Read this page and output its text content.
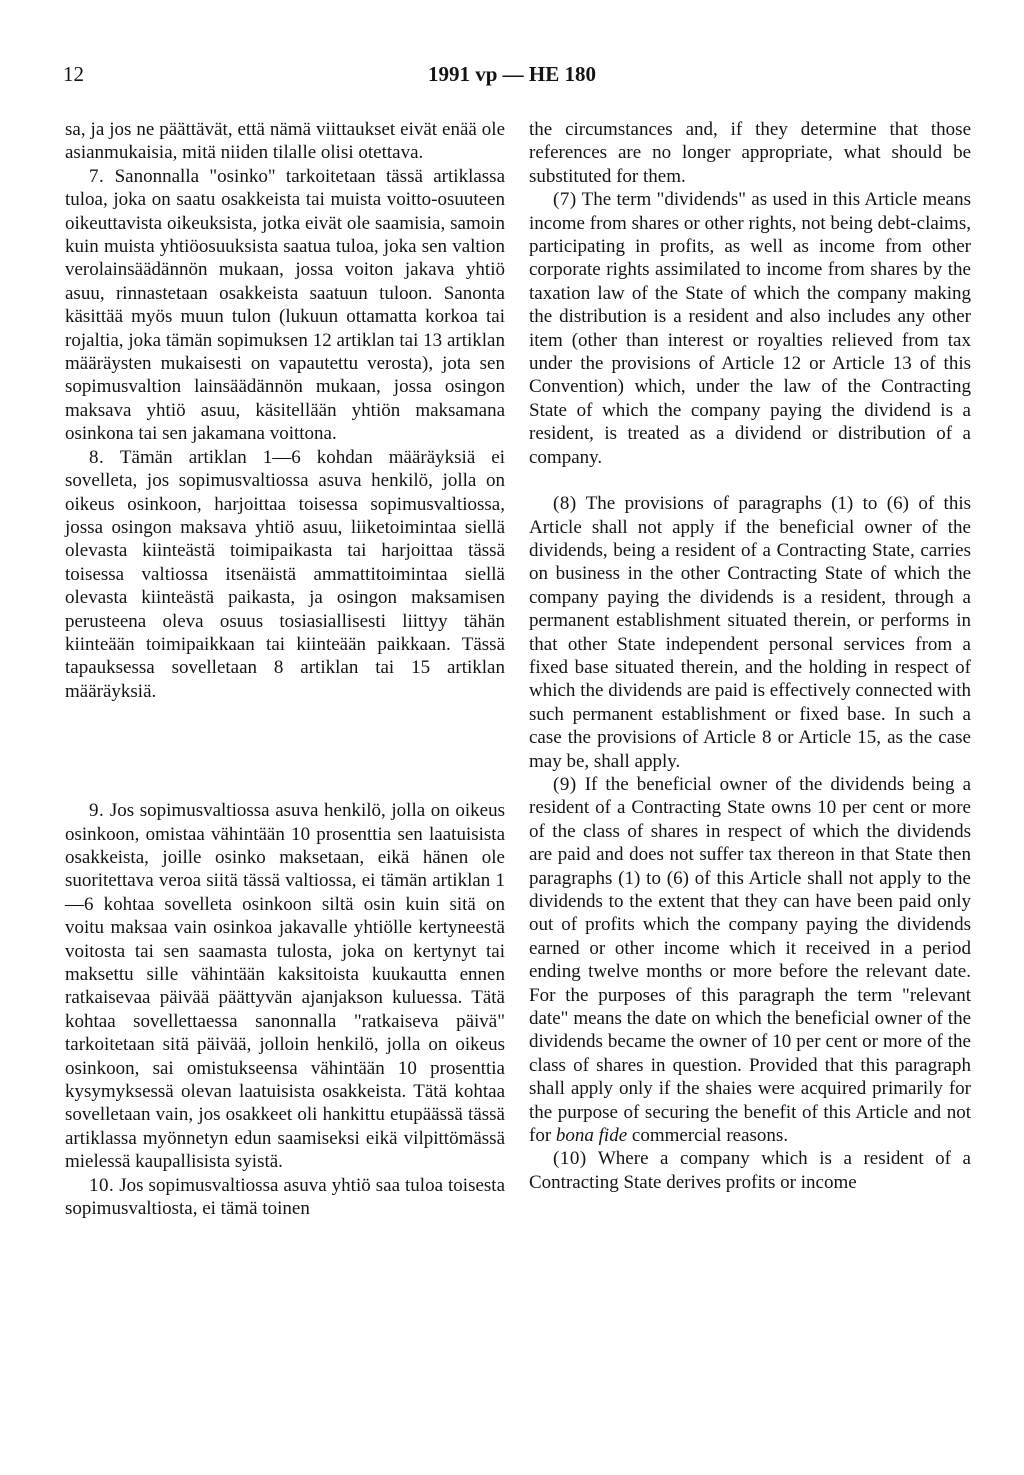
12	1991 vp — HE 180

sa, ja jos ne päättävät, että nämä viittaukset eivät enää ole asianmukaisia, mitä niiden tilalle olisi otettava.

7. Sanonnalla "osinko" tarkoitetaan tässä artiklassa tuloa, joka on saatu osakkeista tai muista voitto-osuuteen oikeuttavista oikeuksista, jotka eivät ole saamisia, samoin kuin muista yhtiöosuuksista saatua tuloa, joka sen valtion verolainsäädännön mukaan, jossa voiton jakava yhtiö asuu, rinnastetaan osakkeista saatuun tuloon. Sanonta käsittää myös muun tulon (lukuun ottamatta korkoa tai rojaltia, joka tämän sopimuksen 12 artiklan tai 13 artiklan määräysten mukaisesti on vapautettu verosta), jota sen sopimusvaltion lainsäädännön mukaan, jossa osingon maksava yhtiö asuu, käsitellään yhtiön maksamana osinkona tai sen jakamana voittona.

8. Tämän artiklan 1—6 kohdan määräyksiä ei sovelleta, jos sopimusvaltiossa asuva henkilö, jolla on oikeus osinkoon, harjoittaa toisessa sopimusvaltiossa, jossa osingon maksava yhtiö asuu, liiketoimintaa siellä olevasta kiinteästä toimipaikasta tai harjoittaa tässä toisessa valtiossa itsenäistä ammattitoimintaa siellä olevasta kiinteästä paikasta, ja osingon maksamisen perusteena oleva osuus tosiasiallisesti liittyy tähän kiinteään toimipaikkaan tai kiinteään paikkaan. Tässä tapauksessa sovelletaan 8 artiklan tai 15 artiklan määräyksiä.

9. Jos sopimusvaltiossa asuva henkilö, jolla on oikeus osinkoon, omistaa vähintään 10 prosenttia sen laatuisista osakkeista, joille osinko maksetaan, eikä hänen ole suoritettava veroa siitä tässä valtiossa, ei tämän artiklan 1—6 kohtaa sovelleta osinkoon siltä osin kuin sitä on voitu maksaa vain osinkoa jakavalle yhtiölle kertyneestä voitosta tai sen saamasta tulosta, joka on kertynyt tai maksettu sille vähintään kaksitoista kuukautta ennen ratkaisevaa päivää päättyvän ajanjakson kuluessa. Tätä kohtaa sovellettaessa sanonnalla "ratkaiseva päivä" tarkoitetaan sitä päivää, jolloin henkilö, jolla on oikeus osinkoon, sai omistukseensa vähintään 10 prosenttia kysymyksessä olevan laatuisista osakkeista. Tätä kohtaa sovelletaan vain, jos osakkeet oli hankittu etupäässä tässä artiklassa myönnetyn edun saamiseksi eikä vilpittömässä mielessä kaupallisista syistä.

10. Jos sopimusvaltiossa asuva yhtiö saa tuloa toisesta sopimusvaltiosta, ei tämä toinen

the circumstances and, if they determine that those references are no longer appropriate, what should be substituted for them.

(7) The term "dividends" as used in this Article means income from shares or other rights, not being debt-claims, participating in profits, as well as income from other corporate rights assimilated to income from shares by the taxation law of the State of which the company making the distribution is a resident and also includes any other item (other than interest or royalties relieved from tax under the provisions of Article 12 or Article 13 of this Convention) which, under the law of the Contracting State of which the company paying the dividend is a resident, is treated as a dividend or distribution of a company.

(8) The provisions of paragraphs (1) to (6) of this Article shall not apply if the beneficial owner of the dividends, being a resident of a Contracting State, carries on business in the other Contracting State of which the company paying the dividends is a resident, through a permanent establishment situated therein, or performs in that other State independent personal services from a fixed base situated therein, and the holding in respect of which the dividends are paid is effectively connected with such permanent establishment or fixed base. In such a case the provisions of Article 8 or Article 15, as the case may be, shall apply.

(9) If the beneficial owner of the dividends being a resident of a Contracting State owns 10 per cent or more of the class of shares in respect of which the dividends are paid and does not suffer tax thereon in that State then paragraphs (1) to (6) of this Article shall not apply to the dividends to the extent that they can have been paid only out of profits which the company paying the dividends earned or other income which it received in a period ending twelve months or more before the relevant date. For the purposes of this paragraph the term "relevant date" means the date on which the beneficial owner of the dividends became the owner of 10 per cent or more of the class of shares in question. Provided that this paragraph shall apply only if the shaies were acquired primarily for the purpose of securing the benefit of this Article and not for bona fide commercial reasons.

(10) Where a company which is a resident of a Contracting State derives profits or income
